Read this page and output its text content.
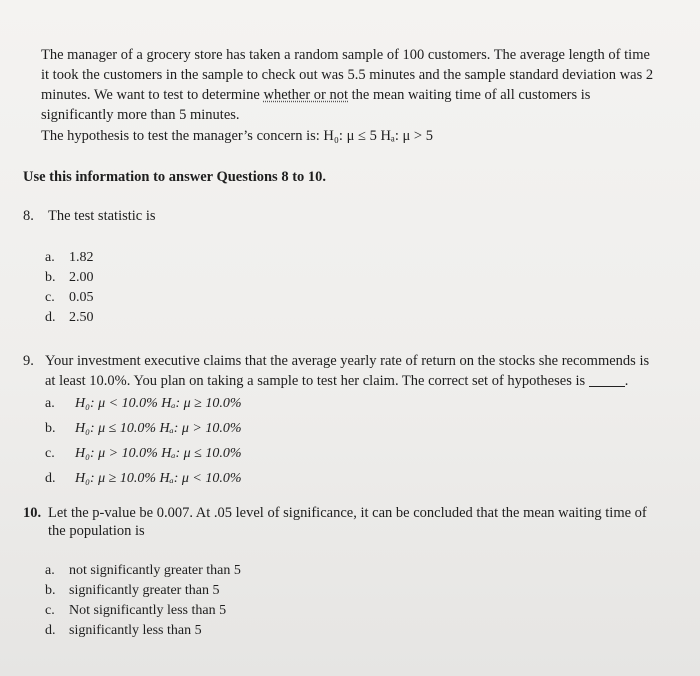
The manager of a grocery store has taken a random sample of 100 customers. The average length of time
it took the customers in the sample to check out was 5.5 minutes and the sample standard deviation was 2
minutes. We want to test to determine whether or not the mean waiting time of all customers is
significantly more than 5 minutes.
The hypothesis to test the manager’s concern is: H₀: μ ≤ 5 Hₐ: μ > 5
Use this information to answer Questions 8 to 10.
8. The test statistic is
a. 1.82
b. 2.00
c. 0.05
d. 2.50
9. Your investment executive claims that the average yearly rate of return on the stocks she recommends is
at least 10.0%. You plan on taking a sample to test her claim. The correct set of hypotheses is	.
a. H₀: μ < 10.0% Hₐ: μ ≥ 10.0%
b. H₀: μ ≤ 10.0% Hₐ: μ > 10.0%
c. H₀: μ > 10.0% Hₐ: μ ≤ 10.0%
d. H₀: μ ≥ 10.0% Hₐ: μ < 10.0%
10. Let the p-value be 0.007. At .05 level of significance, it can be concluded that the mean waiting time of
the population is
a. not significantly greater than 5
b. significantly greater than 5
c. Not significantly less than 5
d. significantly less than 5
